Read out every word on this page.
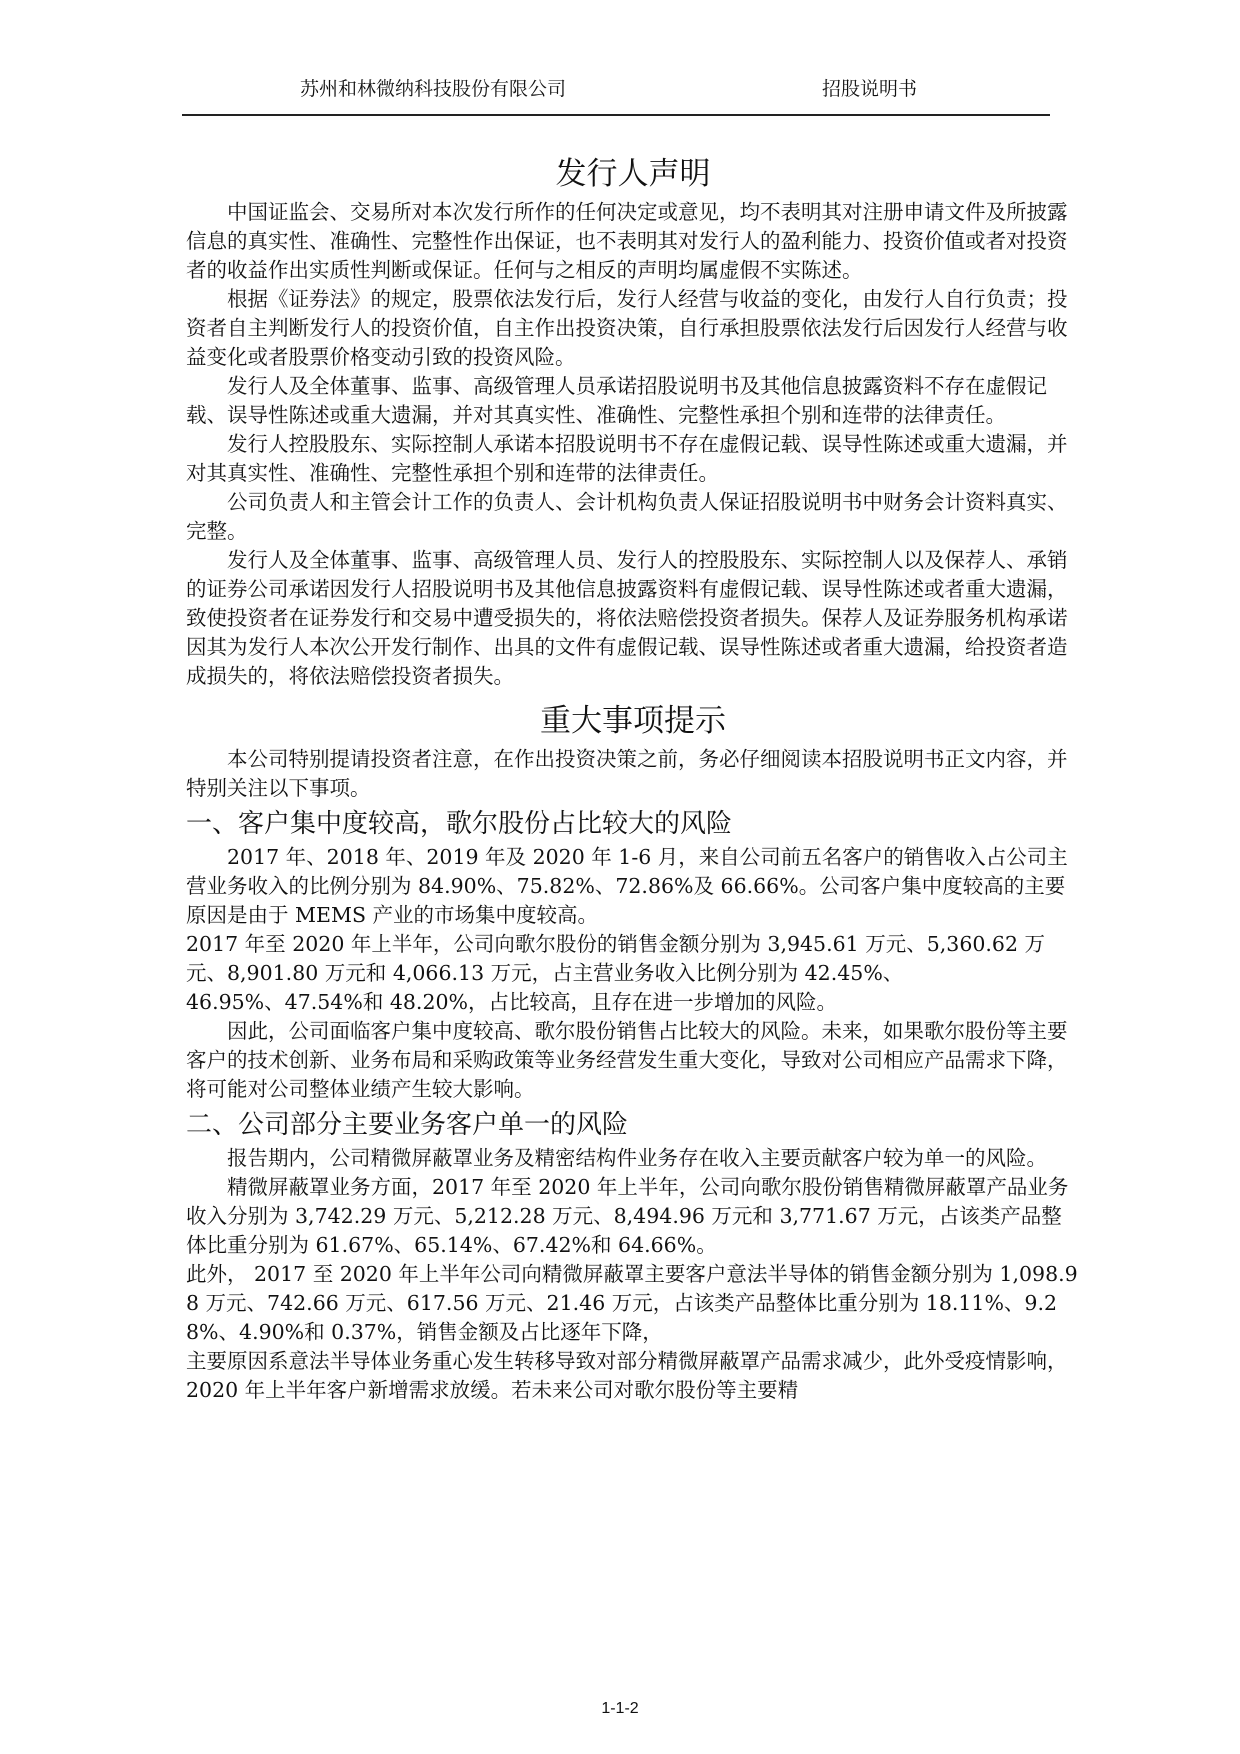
苏州和林微纳科技股份有限公司	招股说明书
发行人声明

中国证监会、交易所对本次发行所作的任何决定或意见，均不表明其对注册申请文件及所披露信息的真实性、准确性、完整性作出保证，也不表明其对发行人的盈利能力、投资价值或者对投资者的收益作出实质性判断或保证。任何与之相反的声明均属虚假不实陈述。

根据《证券法》的规定，股票依法发行后，发行人经营与收益的变化，由发行人自行负责；投资者自主判断发行人的投资价值，自主作出投资决策，自行承担股票依法发行后因发行人经营与收益变化或者股票价格变动引致的投资风险。

发行人及全体董事、监事、高级管理人员承诺招股说明书及其他信息披露资料不存在虚假记载、误导性陈述或重大遗漏，并对其真实性、准确性、完整性承担个别和连带的法律责任。

发行人控股股东、实际控制人承诺本招股说明书不存在虚假记载、误导性陈述或重大遗漏，并对其真实性、准确性、完整性承担个别和连带的法律责任。

公司负责人和主管会计工作的负责人、会计机构负责人保证招股说明书中财务会计资料真实、完整。

发行人及全体董事、监事、高级管理人员、发行人的控股股东、实际控制人以及保荐人、承销的证券公司承诺因发行人招股说明书及其他信息披露资料有虚假记载、误导性陈述或者重大遗漏，致使投资者在证券发行和交易中遭受损失的，将依法赔偿投资者损失。保荐人及证券服务机构承诺因其为发行人本次公开发行制作、出具的文件有虚假记载、误导性陈述或者重大遗漏，给投资者造成损失的，将依法赔偿投资者损失。

重大事项提示

本公司特别提请投资者注意，在作出投资决策之前，务必仔细阅读本招股说明书正文内容，并特别关注以下事项。

一、客户集中度较高，歌尔股份占比较大的风险

2017 年、2018 年、2019 年及 2020 年 1-6 月，来自公司前五名客户的销售收入占公司主营业务收入的比例分别为 84.90%、75.82%、72.86%及 66.66%。公司客户集中度较高的主要原因是由于 MEMS 产业的市场集中度较高。

2017 年至 2020 年上半年，公司向歌尔股份的销售金额分别为 3,945.61 万元、5,360.62 万元、8,901.80 万元和 4,066.13 万元，占主营业务收入比例分别为 42.45%、

46.95%、47.54%和 48.20%，占比较高，且存在进一步增加的风险。

因此，公司面临客户集中度较高、歌尔股份销售占比较大的风险。未来，如果歌尔股份等主要客户的技术创新、业务布局和采购政策等业务经营发生重大变化，导致对公司相应产品需求下降，将可能对公司整体业绩产生较大影响。

二、公司部分主要业务客户单一的风险

报告期内，公司精微屏蔽罩业务及精密结构件业务存在收入主要贡献客户较为单一的风险。

精微屏蔽罩业务方面，2017 年至 2020 年上半年，公司向歌尔股份销售精微屏蔽罩产品业务收入分别为 3,742.29 万元、5,212.28 万元、8,494.96 万元和 3,771.67 万元，占该类产品整体比重分别为 61.67%、65.14%、67.42%和 64.66%。

此外， 2017 至 2020 年上半年公司向精微屏蔽罩主要客户意法半导体的销售金额分别为 1,098.98 万元、742.66 万元、617.56 万元、21.46 万元，占该类产品整体比重分别为 18.11%、9.28%、4.90%和 0.37%，销售金额及占比逐年下降，

主要原因系意法半导体业务重心发生转移导致对部分精微屏蔽罩产品需求减少，此外受疫情影响，2020 年上半年客户新增需求放缓。若未来公司对歌尔股份等主要精

1-1-2
